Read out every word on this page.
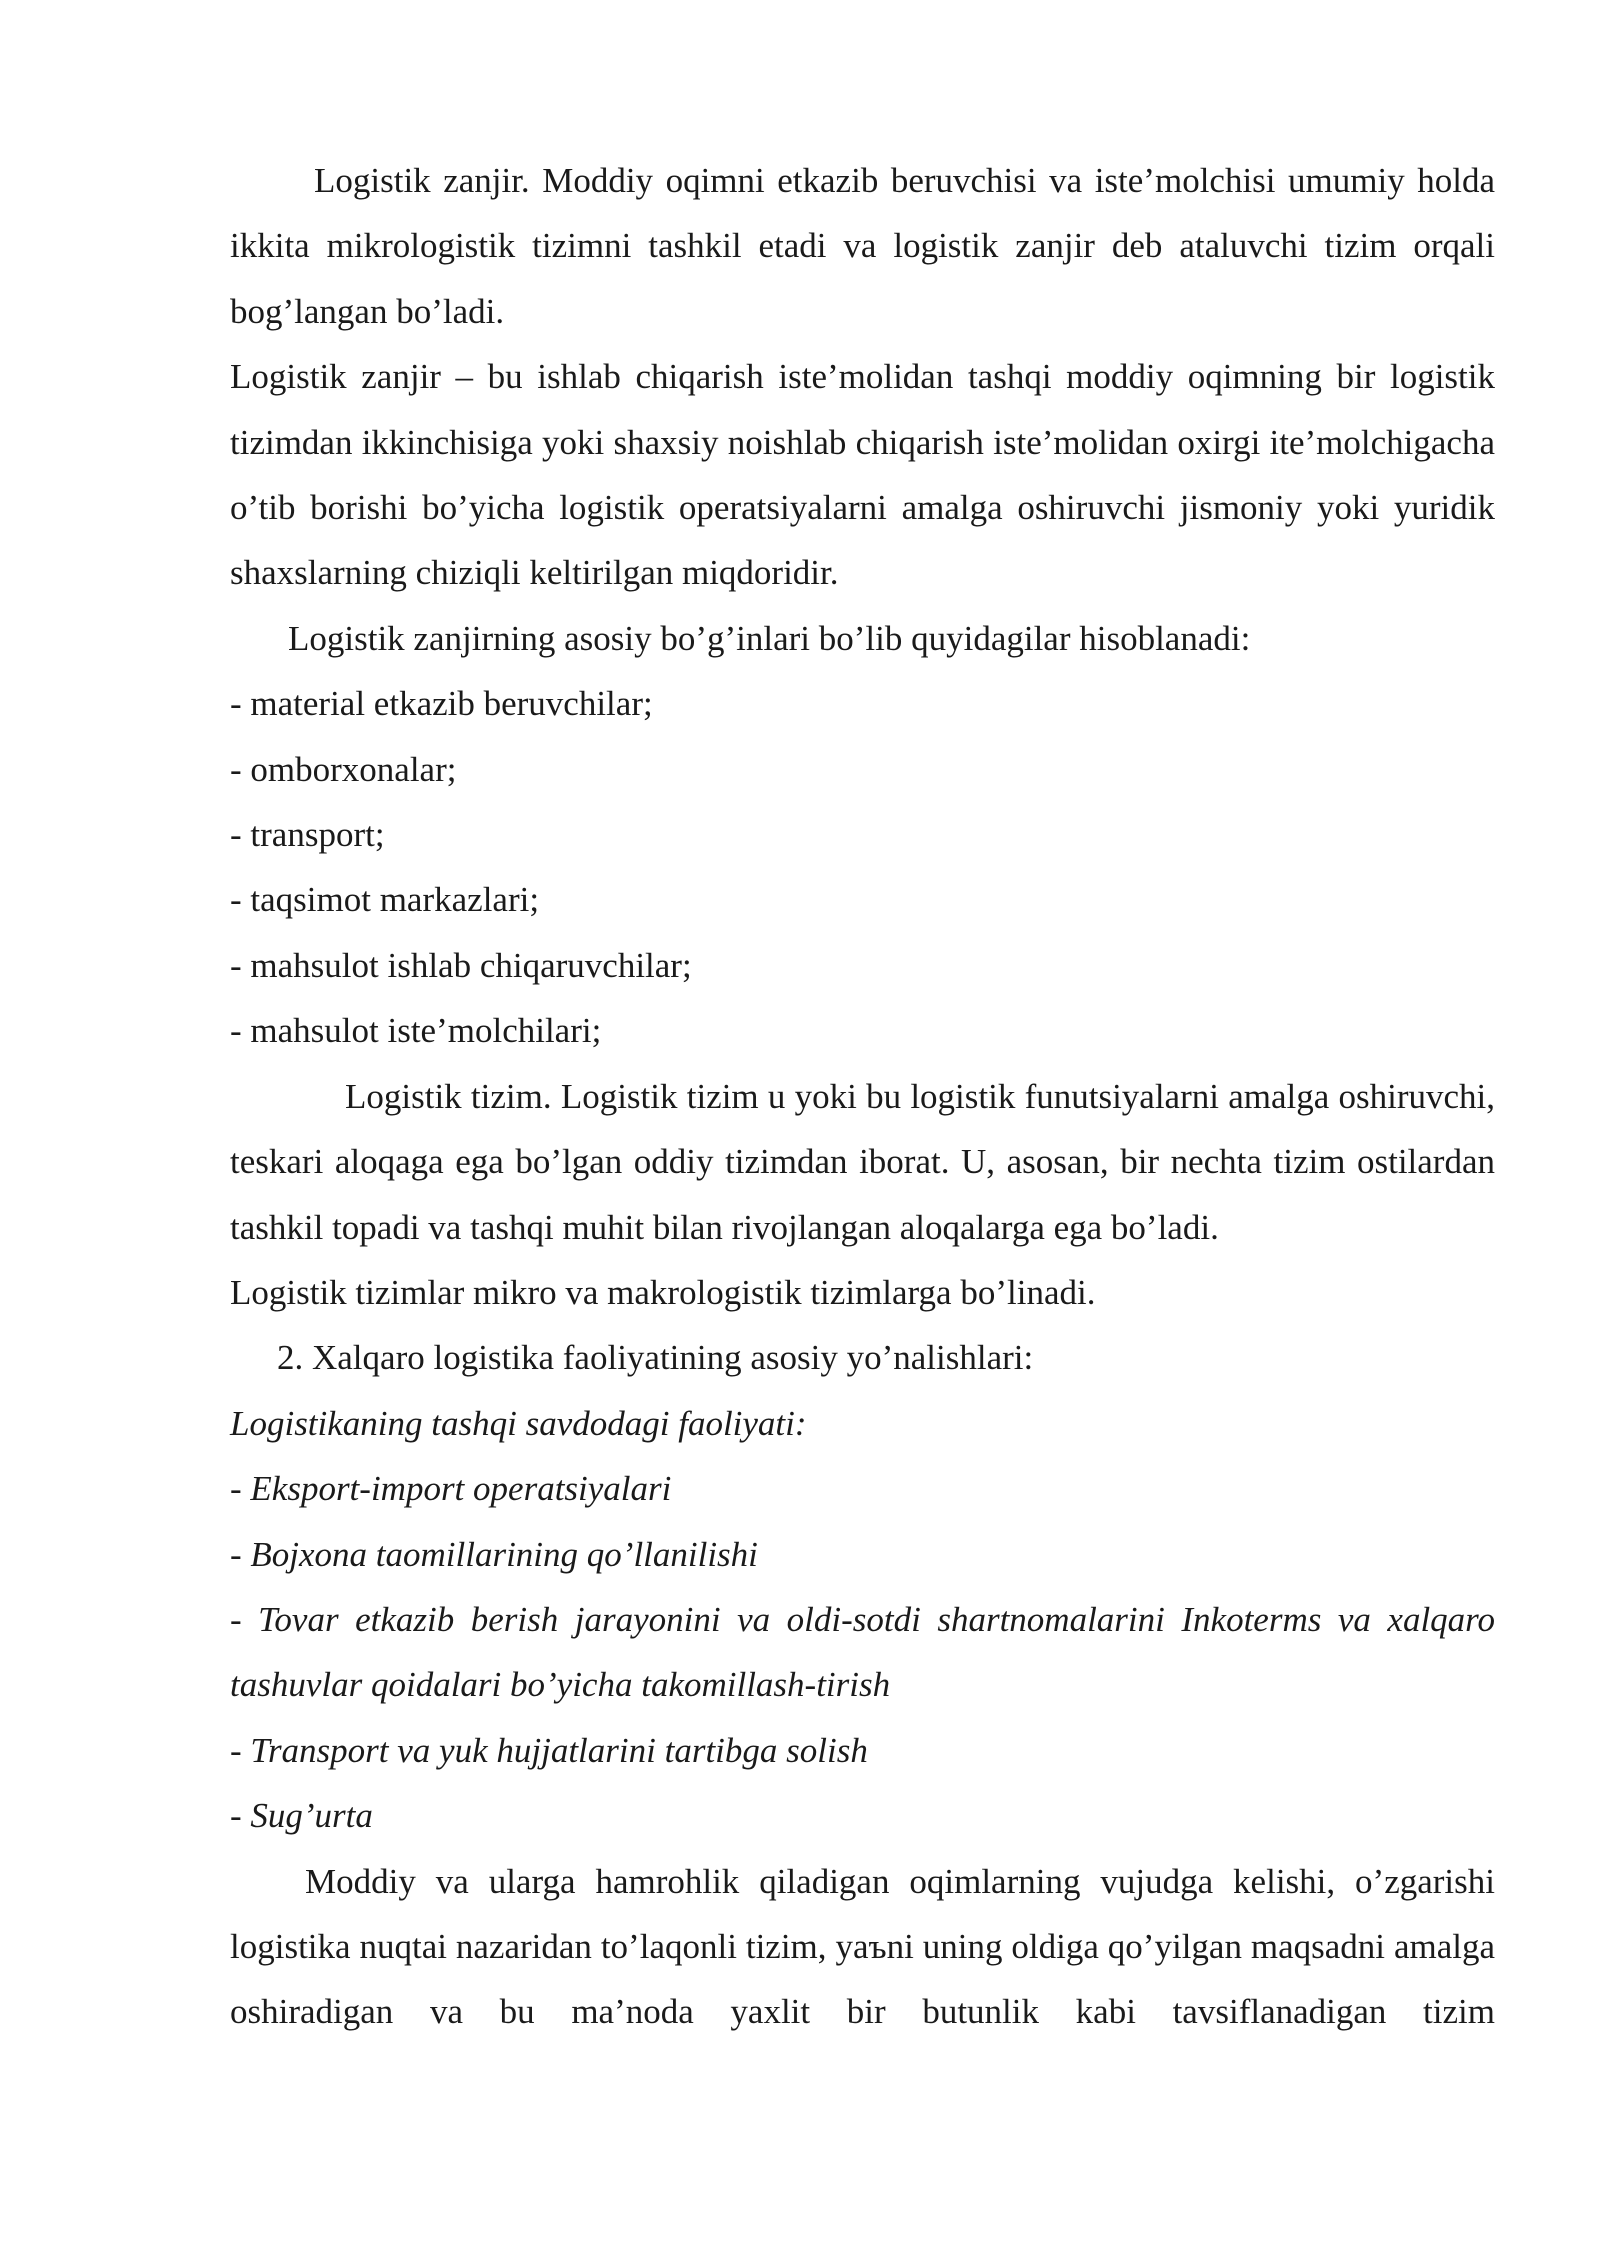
Logistik zanjir. Moddiy oqimni etkazib beruvchisi va iste’molchisi umumiy holda ikkita mikrologistik tizimni tashkil etadi va logistik zanjir deb ataluvchi tizim orqali bog’langan bo’ladi.

Logistik zanjir – bu ishlab chiqarish iste’molidan tashqi moddiy oqimning bir logistik tizimdan ikkinchisiga yoki shaxsiy noishlab chiqarish iste’molidan oxirgi ite’molchigacha o’tib borishi bo’yicha logistik operatsiyalarni amalga oshiruvchi jismoniy yoki yuridik shaxslarning chiziqli keltirilgan miqdoridir.

Logistik zanjirning asosiy bo’g’inlari bo’lib quyidagilar hisoblanadi:

- material etkazib beruvchilar;

- omborxonalar;

- transport;

- taqsimot markazlari;

- mahsulot ishlab chiqaruvchilar;

- mahsulot iste’molchilari;

Logistik tizim. Logistik tizim u yoki bu logistik funutsiyalarni amalga oshiruvchi, teskari aloqaga ega bo’lgan oddiy tizimdan iborat. U, asosan, bir nechta tizim ostilardan tashkil topadi va tashqi muhit bilan rivojlangan aloqalarga ega bo’ladi.

Logistik tizimlar mikro va makrologistik tizimlarga bo’linadi.

2. Xalqaro logistika faoliyatining asosiy yo’nalishlari:

Logistikaning tashqi savdodagi faoliyati:

- Eksport-import operatsiyalari

- Bojxona taomillarining qo’llanilishi

- Tovar etkazib berish jarayonini va oldi-sotdi shartnomalarini Inkoterms va xalqaro tashuvlar qoidalari bo’yicha takomillash-tirish

- Transport va yuk hujjatlarini tartibga solish

- Sug’urta

Moddiy va ularga hamrohlik qiladigan oqimlarning vujudga kelishi, o’zgarishi logistika nuqtai nazaridan to’laqonli tizim, yaъni uning oldiga qo’yilgan maqsadni amalga oshiradigan va bu ma’noda yaxlit bir butunlik kabi tavsiflanadigan tizim
